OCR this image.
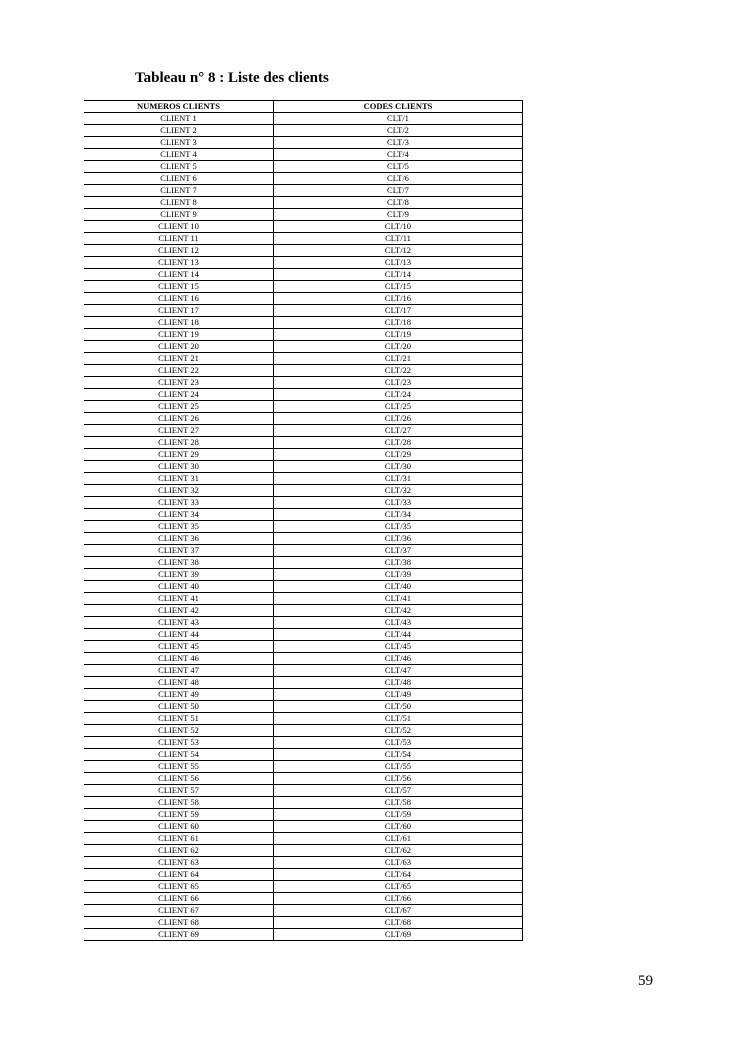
Tableau n° 8 : Liste des clients
NUMEROS CLIENTS	CODES CLIENTS
CLIENT 1	CLT/1
CLIENT 2	CLT/2
CLIENT 3	CLT/3
CLIENT 4	CLT/4
CLIENT 5	CLT/5
CLIENT 6	CLT/6
CLIENT 7	CLT/7
CLIENT 8	CLT/8
CLIENT 9	CLT/9
CLIENT 10	CLT/10
CLIENT 11	CLT/11
CLIENT 12	CLT/12
CLIENT 13	CLT/13
CLIENT 14	CLT/14
CLIENT 15	CLT/15
CLIENT 16	CLT/16
CLIENT 17	CLT/17
CLIENT 18	CLT/18
CLIENT 19	CLT/19
CLIENT 20	CLT/20
CLIENT 21	CLT/21
CLIENT 22	CLT/22
CLIENT 23	CLT/23
CLIENT 24	CLT/24
CLIENT 25	CLT/25
CLIENT 26	CLT/26
CLIENT 27	CLT/27
CLIENT 28	CLT/28
CLIENT 29	CLT/29
CLIENT 30	CLT/30
CLIENT 31	CLT/31
CLIENT 32	CLT/32
CLIENT 33	CLT/33
CLIENT 34	CLT/34
CLIENT 35	CLT/35
CLIENT 36	CLT/36
CLIENT 37	CLT/37
CLIENT 38	CLT/38
CLIENT 39	CLT/39
CLIENT 40	CLT/40
CLIENT 41	CLT/41
CLIENT 42	CLT/42
CLIENT 43	CLT/43
CLIENT 44	CLT/44
CLIENT 45	CLT/45
CLIENT 46	CLT/46
CLIENT 47	CLT/47
CLIENT 48	CLT/48
CLIENT 49	CLT/49
CLIENT 50	CLT/50
CLIENT 51	CLT/51
CLIENT 52	CLT/52
CLIENT 53	CLT/53
CLIENT 54	CLT/54
CLIENT 55	CLT/55
CLIENT 56	CLT/56
CLIENT 57	CLT/57
CLIENT 58	CLT/58
CLIENT 59	CLT/59
CLIENT 60	CLT/60
CLIENT 61	CLT/61
CLIENT 62	CLT/62
CLIENT 63	CLT/63
CLIENT 64	CLT/64
CLIENT 65	CLT/65
CLIENT 66	CLT/66
CLIENT 67	CLT/67
CLIENT 68	CLT/68
CLIENT 69	CLT/69
59
